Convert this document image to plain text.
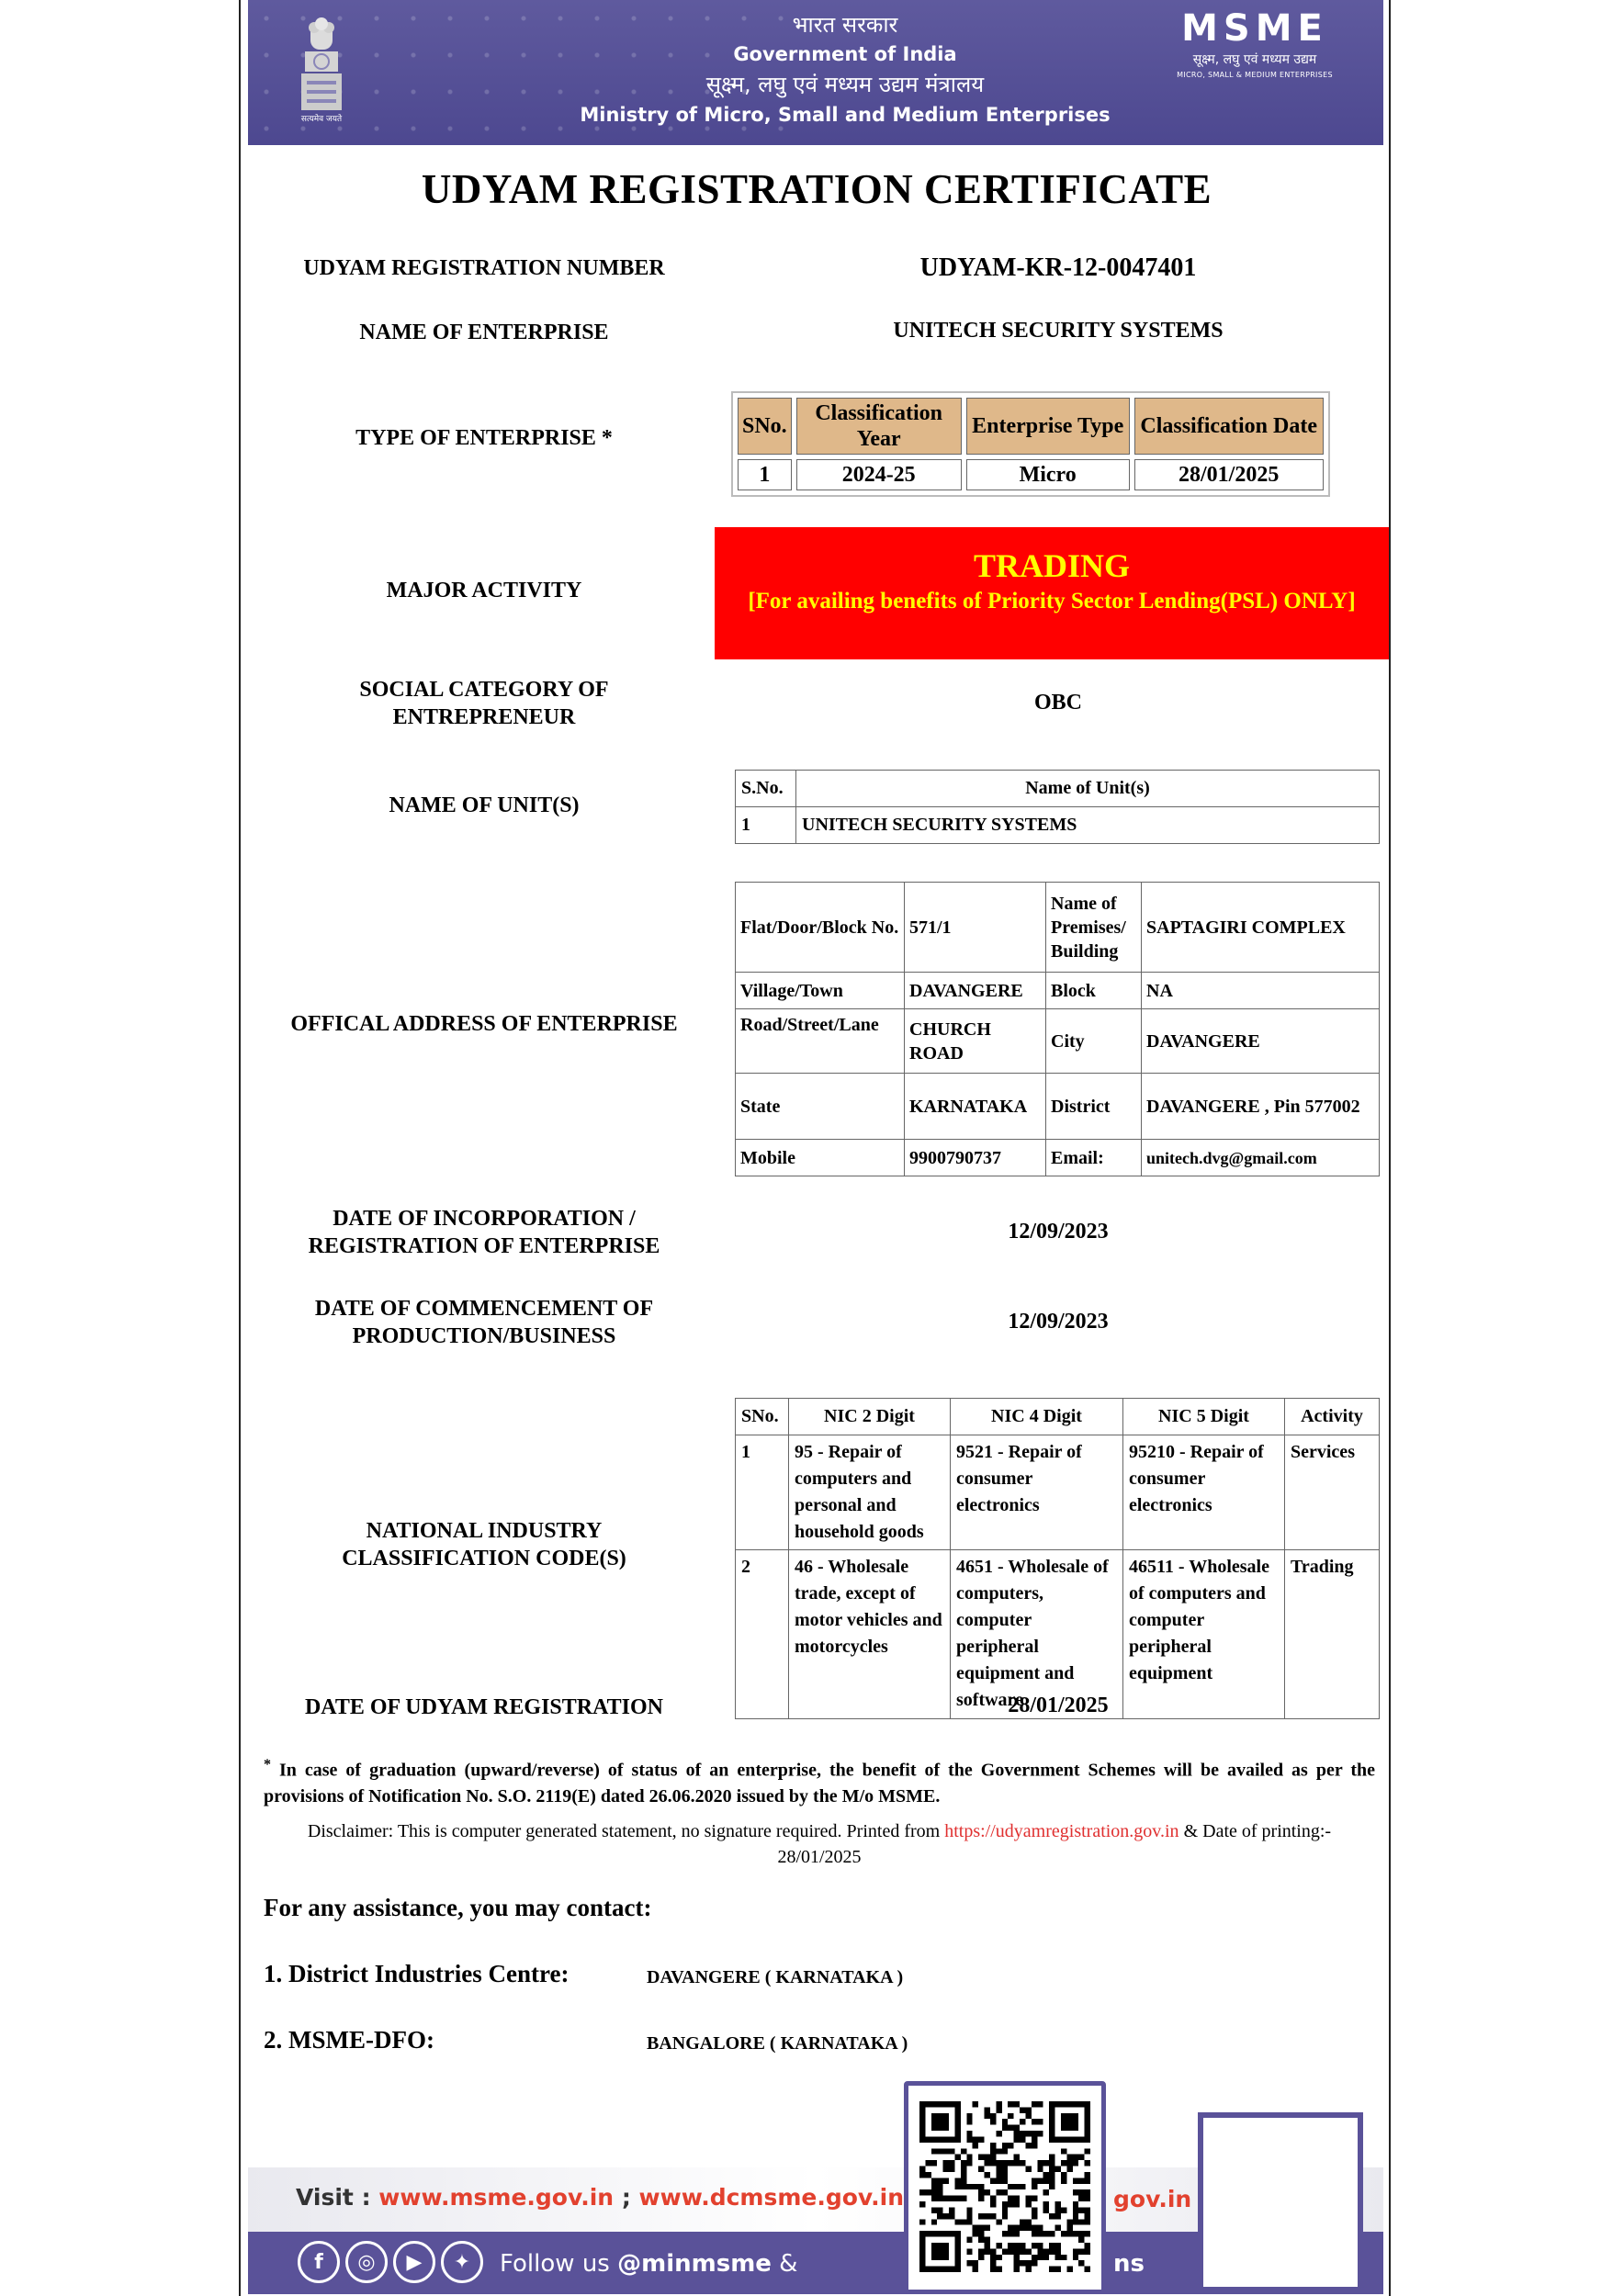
सत्यमेव जयते
भारत सरकार
Government of India
सूक्ष्म, लघु एवं मध्यम उद्यम मंत्रालय
Ministry of Micro, Small and Medium Enterprises
MSME
सूक्ष्म, लघु एवं मध्यम उद्यम
MICRO, SMALL & MEDIUM ENTERPRISES
UDYAM REGISTRATION CERTIFICATE
UDYAM REGISTRATION NUMBER	UDYAM-KR-12-0047401
NAME OF ENTERPRISE	UNITECH SECURITY SYSTEMS
TYPE OF ENTERPRISE *	SNo.	Classification Year	Enterprise Type	Classification Date
1	2024-25	Micro	28/01/2025
MAJOR ACTIVITY
TRADING
[For availing benefits of Priority Sector Lending(PSL) ONLY]
SOCIAL CATEGORY OF
ENTREPRENEUR
OBC
NAME OF UNIT(S)
S.No.	Name of Unit(s)
1	UNITECH SECURITY SYSTEMS
OFFICAL ADDRESS OF ENTERPRISE
Flat/Door/Block No.	571/1	Name of Premises/ Building	SAPTAGIRI COMPLEX
Village/Town	DAVANGERE	Block	NA
Road/Street/Lane	CHURCH ROAD	City	DAVANGERE
State	KARNATAKA	District	DAVANGERE , Pin 577002
Mobile	9900790737	Email:	unitech.dvg@gmail.com
DATE OF INCORPORATION /
REGISTRATION OF ENTERPRISE
12/09/2023
DATE OF COMMENCEMENT OF
PRODUCTION/BUSINESS
12/09/2023
NATIONAL INDUSTRY
CLASSIFICATION CODE(S)
SNo.	NIC 2 Digit	NIC 4 Digit	NIC 5 Digit	Activity
1	95 - Repair of computers and personal and household goods	9521 - Repair of consumer electronics	95210 - Repair of consumer electronics	Services
2	46 - Wholesale trade, except of motor vehicles and motorcycles	4651 - Wholesale of computers, computer peripheral equipment and software	46511 - Wholesale of computers and computer peripheral equipment	Trading
DATE OF UDYAM REGISTRATION	28/01/2025
* In case of graduation (upward/reverse) of status of an enterprise, the benefit of the Government Schemes will be availed as per the provisions of Notification No. S.O. 2119(E) dated 26.06.2020 issued by the M/o MSME.
Disclaimer: This is computer generated statement, no signature required. Printed from https://udyamregistration.gov.in & Date of printing:- 28/01/2025
For any assistance, you may contact:
1. District Industries Centre:	DAVANGERE ( KARNATAKA )
2. MSME-DFO:	BANGALORE ( KARNATAKA )
Visit : www.msme.gov.in ; www.dcmsme.gov.in	gov.in
f	◎	▶	✦	Follow us @minmsme &	ns
